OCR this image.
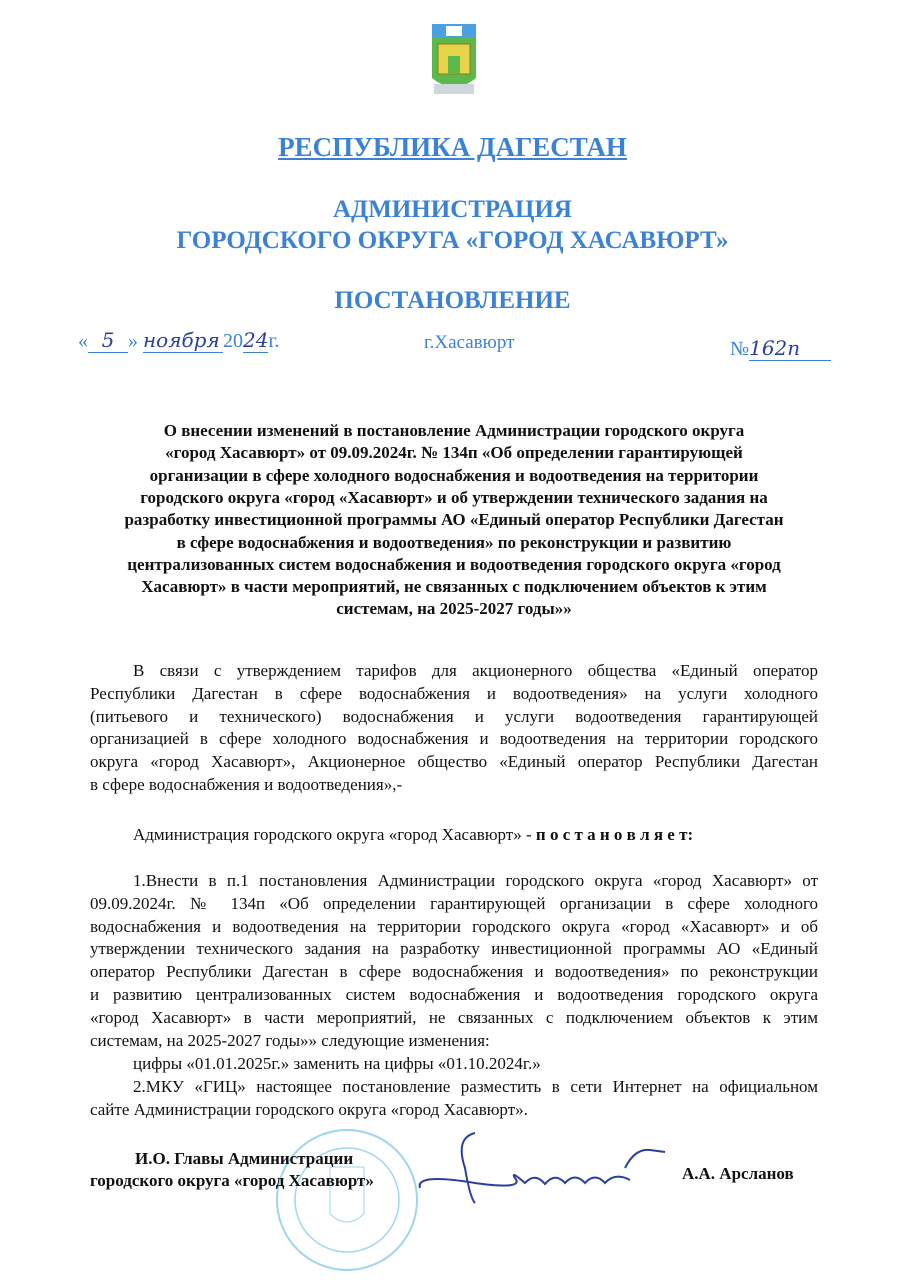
РЕСПУБЛИКА ДАГЕСТАН
АДМИНИСТРАЦИЯ
ГОРОДСКОГО ОКРУГА «ГОРОД ХАСАВЮРТ»
ПОСТАНОВЛЕНИЕ
« 5 » ноября 2024г.	г.Хасавюрт	№162п
О внесении изменений в постановление Администрации городского округа
«город Хасавюрт» от 09.09.2024г. № 134п «Об определении гарантирующей
организации в сфере холодного водоснабжения и водоотведения на территории
городского округа «город «Хасавюрт» и об утверждении технического задания на
разработку инвестиционной программы АО «Единый оператор Республики Дагестан
в сфере водоснабжения и водоотведения» по реконструкции и развитию
централизованных систем водоснабжения и водоотведения городского округа «город
Хасавюрт» в части мероприятий, не связанных с подключением объектов к этим
системам, на 2025-2027 годы»»
В связи с утверждением тарифов для акционерного общества «Единый оператор
Республики Дагестан в сфере водоснабжения и водоотведения» на услуги холодного
(питьевого и технического) водоснабжения и услуги водоотведения гарантирующей
организацией в сфере холодного водоснабжения и водоотведения на территории городского
округа «город Хасавюрт», Акционерное общество «Единый оператор Республики Дагестан
в сфере водоснабжения и водоотведения»,-
Администрация городского округа «город Хасавюрт» - п о с т а н о в л я е т:
1.Внести в п.1 постановления Администрации городского округа «город Хасавюрт» от
09.09.2024г. № 134п «Об определении гарантирующей организации в сфере холодного
водоснабжения и водоотведения на территории городского округа «город «Хасавюрт» и об
утверждении технического задания на разработку инвестиционной программы АО «Единый
оператор Республики Дагестан в сфере водоснабжения и водоотведения» по реконструкции
и развитию централизованных систем водоснабжения и водоотведения городского округа
«город Хасавюрт» в части мероприятий, не связанных с подключением объектов к этим
системам, на 2025-2027 годы»» следующие изменения:
цифры «01.01.2025г.» заменить на цифры «01.10.2024г.»
2.МКУ «ГИЦ» настоящее постановление разместить в сети Интернет на официальном
сайте Администрации городского округа «город Хасавюрт».
И.О. Главы Администрации
городского округа «город Хасавюрт»	А.А. Арсланов
